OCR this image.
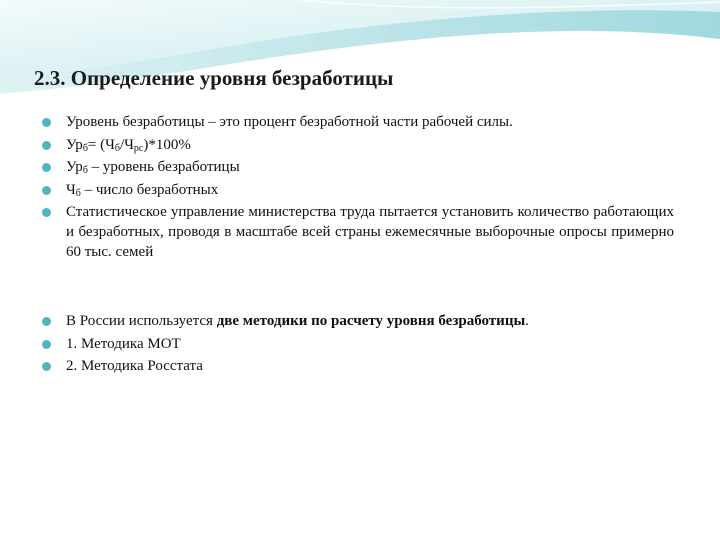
2.3. Определение уровня безработицы
Уровень безработицы – это процент безработной части рабочей силы.
$Ур_б= (Ч_б/Ч_{рс})*100\%$
$Ур_б$ – уровень безработицы
$Ч_б$ – число безработных
Статистическое управление министерства труда пытается установить количество работающих и безработных, проводя в масштабе всей страны ежемесячные выборочные опросы примерно 60 тыс. семей
В России используется две методики по расчету уровня безработицы.
1. Методика МОТ
2. Методика Росстата
